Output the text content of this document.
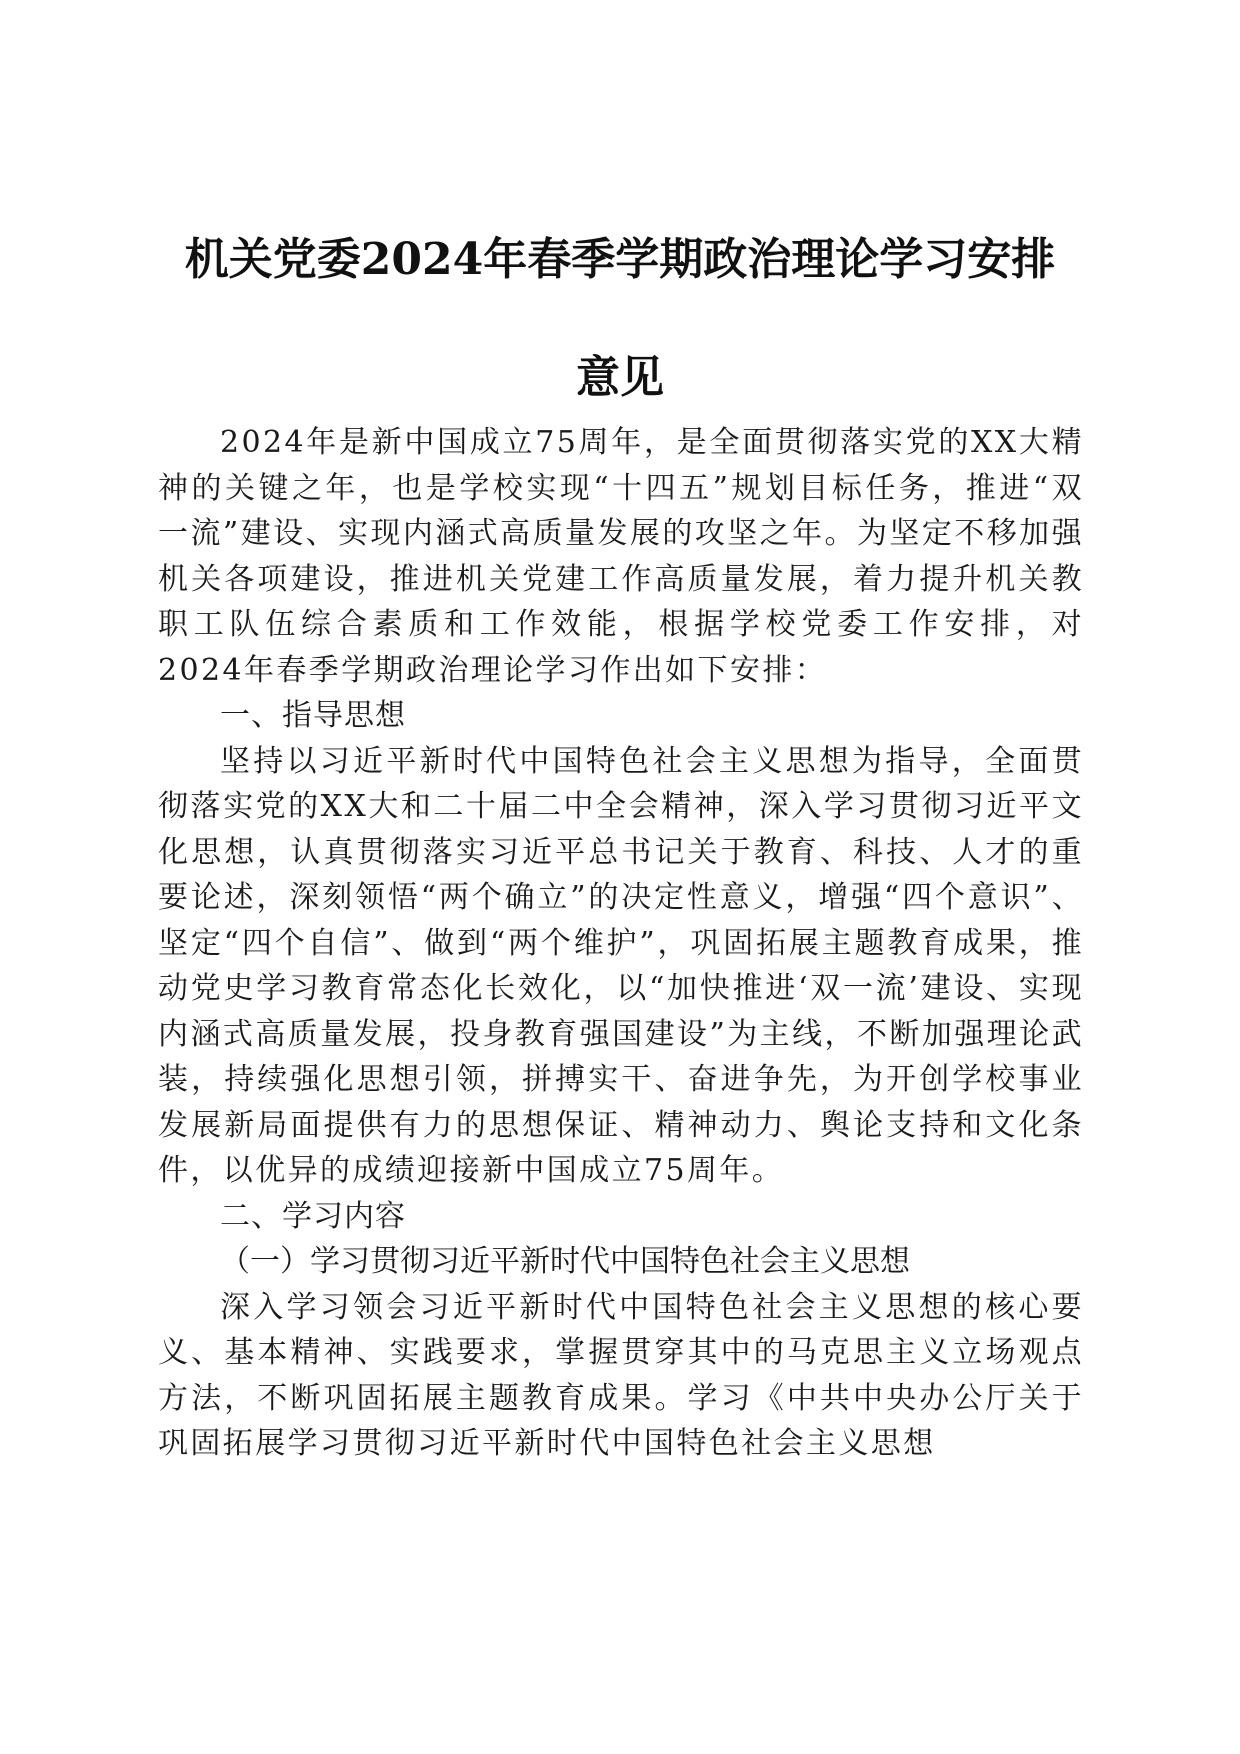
机关党委2024年春季学期政治理论学习安排
意见

2024年是新中国成立75周年，是全面贯彻落实党的XX大精神的关键之年，也是学校实现“十四五”规划目标任务，推进“双一流”建设、实现内涵式高质量发展的攻坚之年。为坚定不移加强机关各项建设，推进机关党建工作高质量发展，着力提升机关教职工队伍综合素质和工作效能，根据学校党委工作安排，对2024年春季学期政治理论学习作出如下安排：

一、指导思想

坚持以习近平新时代中国特色社会主义思想为指导，全面贯彻落实党的XX大和二十届二中全会精神，深入学习贯彻习近平文化思想，认真贯彻落实习近平总书记关于教育、科技、人才的重要论述，深刻领悟“两个确立”的决定性意义，增强“四个意识”、坚定“四个自信”、做到“两个维护”，巩固拓展主题教育成果，推动党史学习教育常态化长效化，以“加快推进‘双一流’建设、实现内涵式高质量发展，投身教育强国建设”为主线，不断加强理论武装，持续强化思想引领，拼搏实干、奋进争先，为开创学校事业发展新局面提供有力的思想保证、精神动力、舆论支持和文化条件，以优异的成绩迎接新中国成立75周年。

二、学习内容

（一）学习贯彻习近平新时代中国特色社会主义思想

深入学习领会习近平新时代中国特色社会主义思想的核心要义、基本精神、实践要求，掌握贯穿其中的马克思主义立场观点方法，不断巩固拓展主题教育成果。学习《中共中央办公厅关于巩固拓展学习贯彻习近平新时代中国特色社会主义思想
